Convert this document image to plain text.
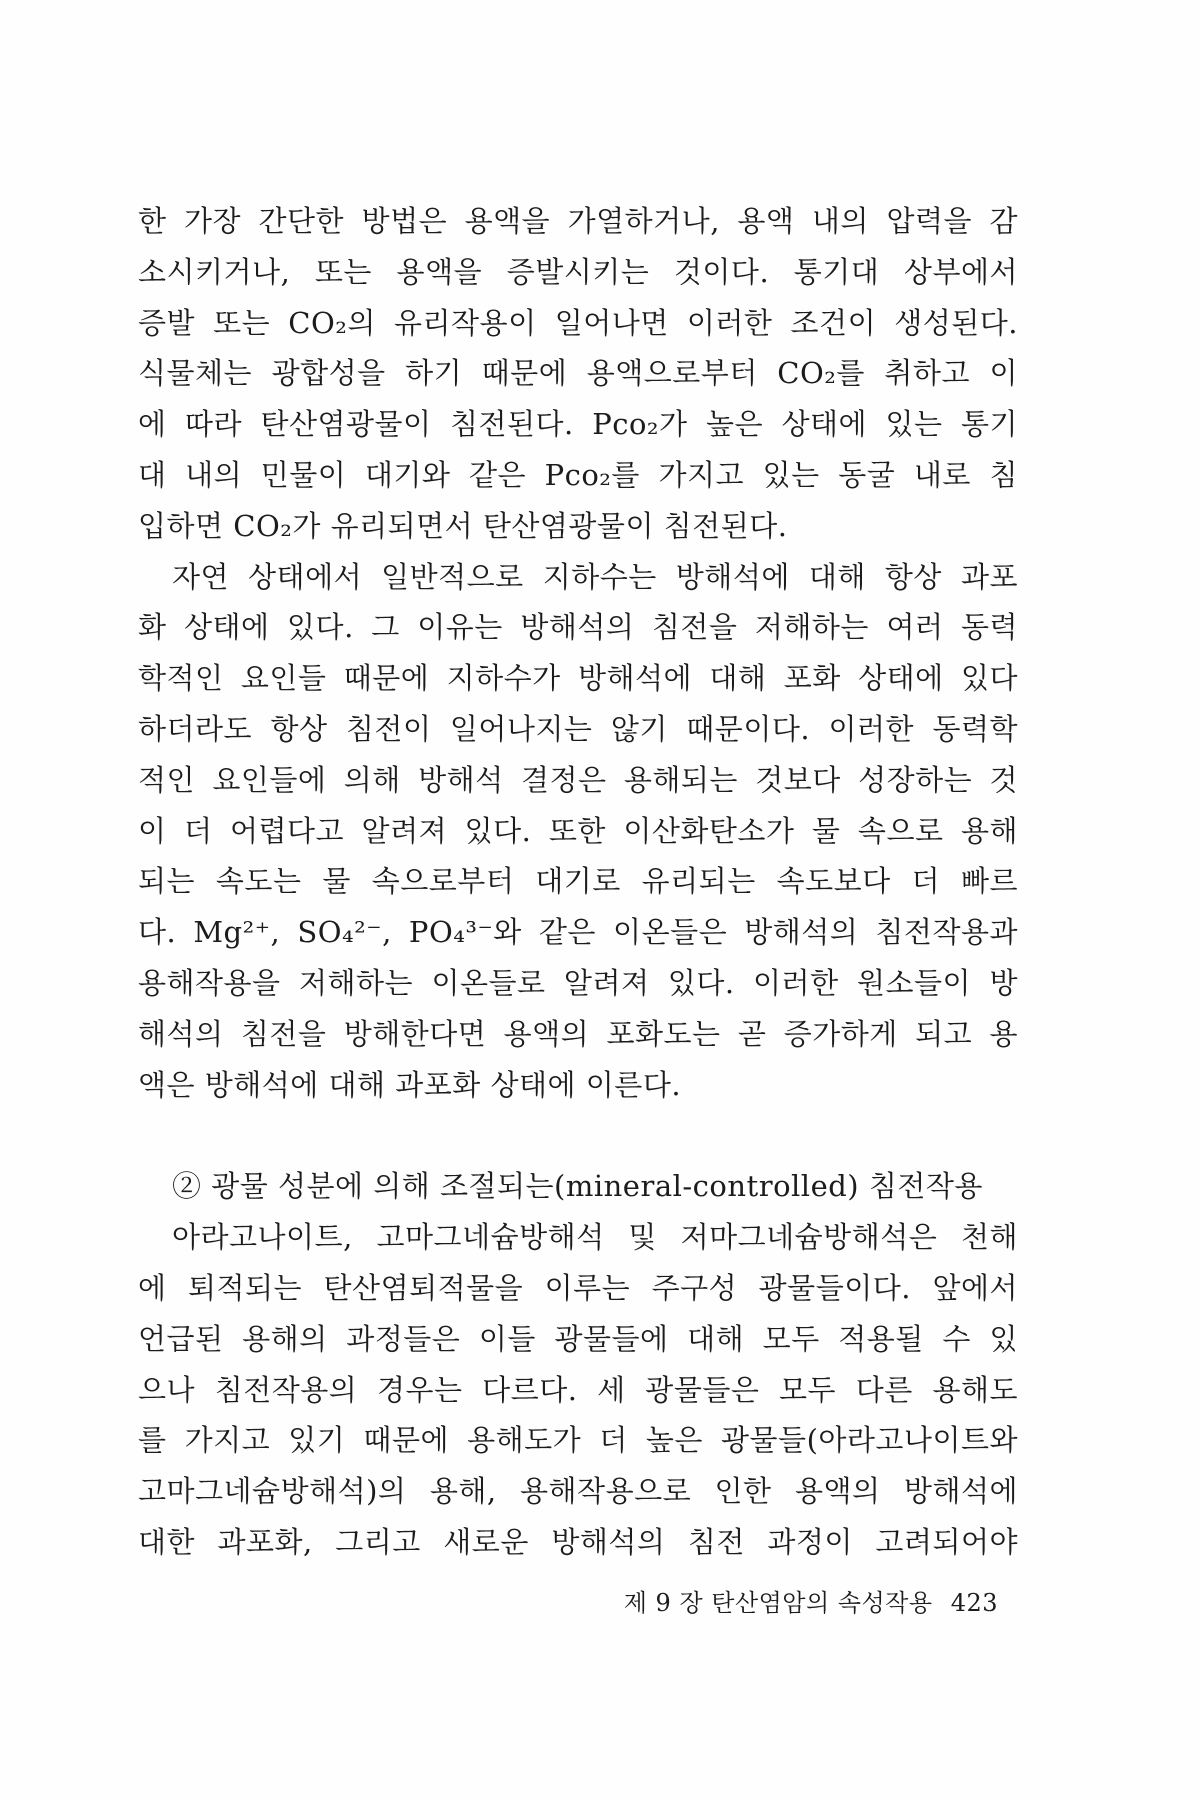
한 가장 간단한 방법은 용액을 가열하거나, 용액 내의 압력을 감
소시키거나, 또는 용액을 증발시키는 것이다. 통기대 상부에서
증발 또는 CO₂의 유리작용이 일어나면 이러한 조건이 생성된다.
식물체는 광합성을 하기 때문에 용액으로부터 CO₂를 취하고 이
에 따라 탄산염광물이 침전된다. Pco₂가 높은 상태에 있는 통기
대 내의 민물이 대기와 같은 Pco₂를 가지고 있는 동굴 내로 침
입하면 CO₂가 유리되면서 탄산염광물이 침전된다.
자연 상태에서 일반적으로 지하수는 방해석에 대해 항상 과포
화 상태에 있다. 그 이유는 방해석의 침전을 저해하는 여러 동력
학적인 요인들 때문에 지하수가 방해석에 대해 포화 상태에 있다
하더라도 항상 침전이 일어나지는 않기 때문이다. 이러한 동력학
적인 요인들에 의해 방해석 결정은 용해되는 것보다 성장하는 것
이 더 어렵다고 알려져 있다. 또한 이산화탄소가 물 속으로 용해
되는 속도는 물 속으로부터 대기로 유리되는 속도보다 더 빠르
다. Mg²⁺, SO₄²⁻, PO₄³⁻와 같은 이온들은 방해석의 침전작용과
용해작용을 저해하는 이온들로 알려져 있다. 이러한 원소들이 방
해석의 침전을 방해한다면 용액의 포화도는 곧 증가하게 되고 용
액은 방해석에 대해 과포화 상태에 이른다.
② 광물 성분에 의해 조절되는(mineral-controlled) 침전작용
아라고나이트, 고마그네슘방해석 및 저마그네슘방해석은 천해
에 퇴적되는 탄산염퇴적물을 이루는 주구성 광물들이다. 앞에서
언급된 용해의 과정들은 이들 광물들에 대해 모두 적용될 수 있
으나 침전작용의 경우는 다르다. 세 광물들은 모두 다른 용해도
를 가지고 있기 때문에 용해도가 더 높은 광물들(아라고나이트와
고마그네슘방해석)의 용해, 용해작용으로 인한 용액의 방해석에
대한 과포화, 그리고 새로운 방해석의 침전 과정이 고려되어야
제 9 장 탄산염암의 속성작용 423
